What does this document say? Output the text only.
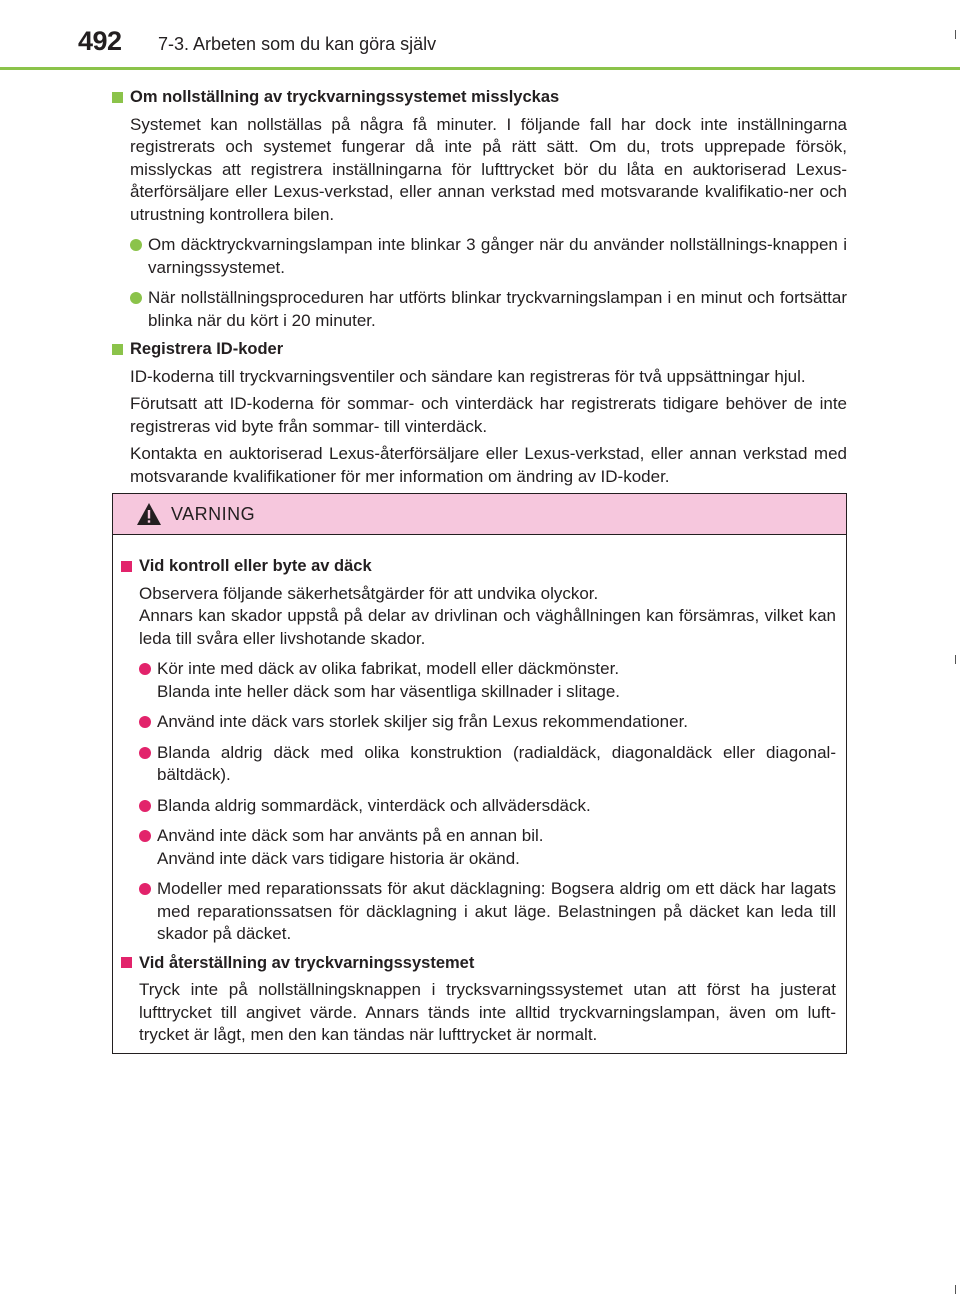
492 7-3. Arbeten som du kan göra själv
Om nollställning av tryckvarningssystemet misslyckas
Systemet kan nollställas på några få minuter. I följande fall har dock inte inställningarna registrerats och systemet fungerar då inte på rätt sätt. Om du, trots upprepade försök, misslyckas att registrera inställningarna för lufttrycket bör du låta en auktoriserad Lexus-återförsäljare eller Lexus-verkstad, eller annan verkstad med motsvarande kvalifikatio-ner och utrustning kontrollera bilen.
Om däcktryckvarningslampan inte blinkar 3 gånger när du använder nollställnings-knappen i varningssystemet.
När nollställningsproceduren har utförts blinkar tryckvarningslampan i en minut och fortsättar blinka när du kört i 20 minuter.
Registrera ID-koder
ID-koderna till tryckvarningsventiler och sändare kan registreras för två uppsättningar hjul.
Förutsatt att ID-koderna för sommar- och vinterdäck har registrerats tidigare behöver de inte registreras vid byte från sommar- till vinterdäck.
Kontakta en auktoriserad Lexus-återförsäljare eller Lexus-verkstad, eller annan verkstad med motsvarande kvalifikationer för mer information om ändring av ID-koder.
VARNING
Vid kontroll eller byte av däck
Observera följande säkerhetsåtgärder för att undvika olyckor.
Annars kan skador uppstå på delar av drivlinan och väghållningen kan försämras, vilket kan leda till svåra eller livshotande skador.
Kör inte med däck av olika fabrikat, modell eller däckmönster.
Blanda inte heller däck som har väsentliga skillnader i slitage.
Använd inte däck vars storlek skiljer sig från Lexus rekommendationer.
Blanda aldrig däck med olika konstruktion (radialdäck, diagonaldäck eller diagonal-bältdäck).
Blanda aldrig sommardäck, vinterdäck och allvädersdäck.
Använd inte däck som har använts på en annan bil.
Använd inte däck vars tidigare historia är okänd.
Modeller med reparationssats för akut däcklagning: Bogsera aldrig om ett däck har lagats med reparationssatsen för däcklagning i akut läge. Belastningen på däcket kan leda till skador på däcket.
Vid återställning av tryckvarningssystemet
Tryck inte på nollställningsknappen i trycksvarningssystemet utan att först ha justerat lufttrycket till angivet värde. Annars tänds inte alltid tryckvarningslampan, även om luft-trycket är lågt, men den kan tändas när lufttrycket är normalt.
